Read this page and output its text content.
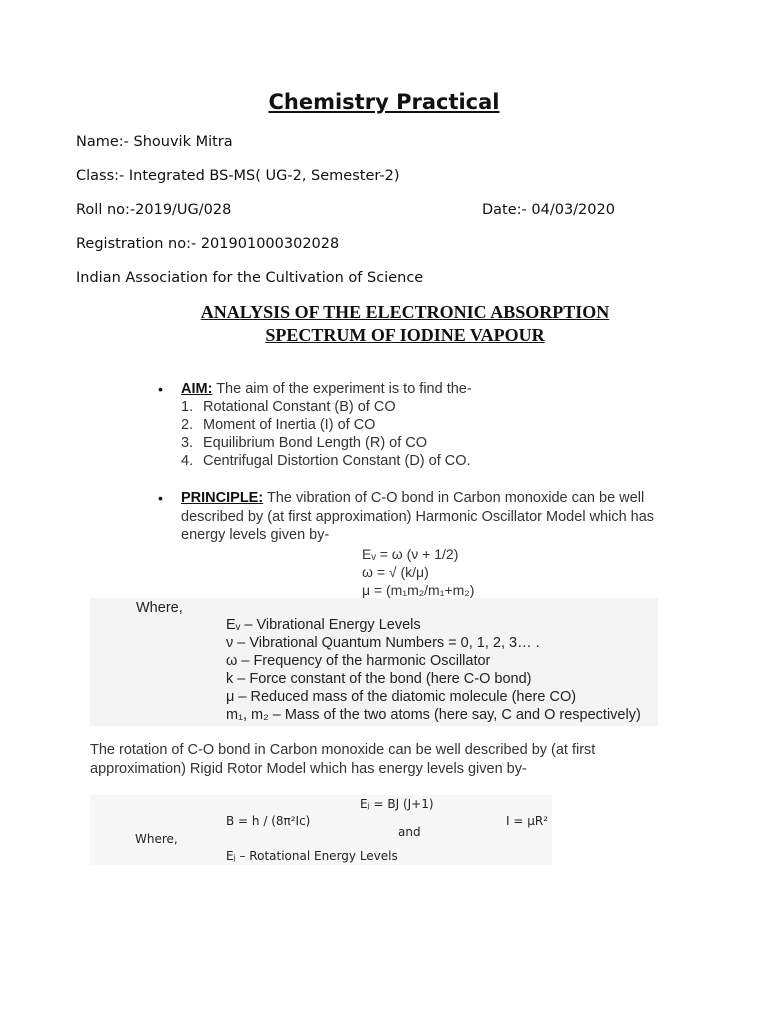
Chemistry Practical
Name:- Shouvik Mitra
Class:- Integrated BS-MS( UG-2, Semester-2)
Roll no:-2019/UG/028	Date:- 04/03/2020
Registration no:- 201901000302028
Indian Association for the Cultivation of Science
ANALYSIS OF THE ELECTRONIC ABSORPTION
SPECTRUM OF IODINE VAPOUR
• AIM: The aim of the experiment is to find the-
1. Rotational Constant (B) of CO
2. Moment of Inertia (I) of CO
3. Equilibrium Bond Length (R) of CO
4. Centrifugal Distortion Constant (D) of CO.
• PRINCIPLE: The vibration of C-O bond in Carbon monoxide can be well
described by (at first approximation) Harmonic Oscillator Model which has
energy levels given by-
Eᵥ = ω (ν + 1/2)
ω = √ (k/μ)
μ = (m₁m₂/m₁+m₂)
Where,
Eᵥ – Vibrational Energy Levels
ν – Vibrational Quantum Numbers = 0, 1, 2, 3… .
ω – Frequency of the harmonic Oscillator
k – Force constant of the bond (here C-O bond)
μ – Reduced mass of the diatomic molecule (here CO)
m₁, m₂ – Mass of the two atoms (here say, C and O respectively)
The rotation of C-O bond in Carbon monoxide can be well described by (at first
approximation) Rigid Rotor Model which has energy levels given by-
Eⱼ = BJ (J+1)
B = h / (8π²Ic)	I = μR²
and
Where,
Eⱼ – Rotational Energy Levels
